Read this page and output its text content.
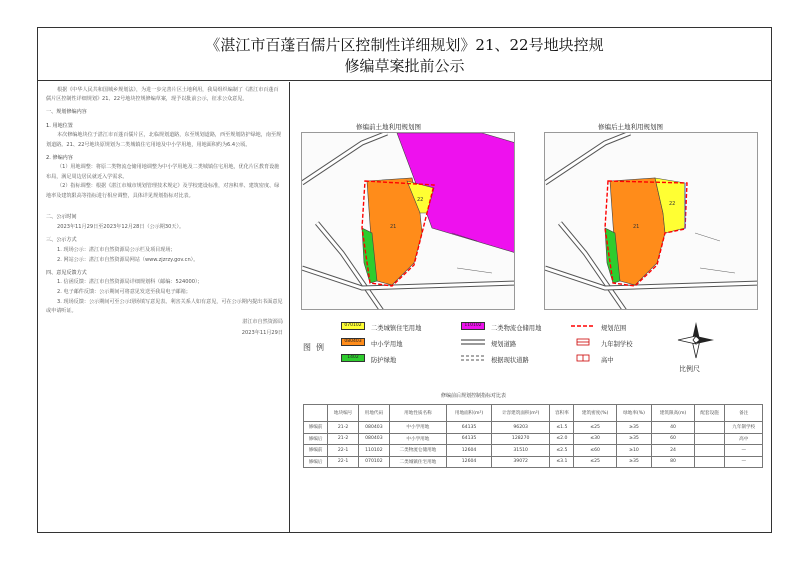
《湛江市百蓬百儒片区控制性详细规划》21、22号地块控规
修编草案批前公示

根据《中华人民共和国城乡规划法》，为进一步完善片区土地利用，我局组织编制了《湛江市百蓬百儒片区控制性详细规划》21、22号地块控规修编草案，现予以批前公示，征求公众意见。

一、规划修编内容

1. 用地位置

本次修编地块位于湛江市百蓬百儒片区，北临规划道路，东至规划道路，西至规划防护绿地，南至规划道路。21、22号地块原规划为二类城镇住宅用地及中小学用地，用地面积约为6.4公顷。

2. 修编内容

（1）用地调整：将原二类物流仓储用地调整为中小学用地及二类城镇住宅用地，优化片区教育设施布局，满足周边居民就近入学需求。

（2）指标调整：根据《湛江市城市规划管理技术规定》及学校建设标准，对容积率、建筑密度、绿地率及建筑限高等指标进行相应调整，具体详见规划指标对比表。

二、公示时间

2023年11月29日至2023年12月28日（公示期30天）。

三、公示方式

1. 现场公示：湛江市自然资源局公示栏及项目现场；

2. 网站公示：湛江市自然资源局网站（www.zjzrzy.gov.cn）。

四、意见反馈方式

1. 信函反馈：湛江市自然资源局详细规划科（邮编：524000）；

2. 电子邮件反馈：公示期间可将意见发送至我局电子邮箱；

3. 现场反馈：公示期间可至公示现场填写意见表。利害关系人如有意见，可在公示期内提出书面意见或申请听证。

湛江市自然资源局

2023年11月29日

修编前土地利用规划图	修编后土地利用规划图
21
22
21
22
图例
070102	二类城镇住宅用地
080403	中小学用地
1402	防护绿地
110102	二类物流仓储用地
规划道路
根据现状道路
规划范围
九年制学校
高中
比例尺
修编前后规划控制指标对比表
	地块编号	用地代码	用地性质名称	用地面积(m²)	计容建筑面积(m²)	容积率	建筑密度(%)	绿地率(%)	建筑限高(m)	配套设施	备注
修编前	21-2	080403	中小学用地	64135	96203	≤1.5	≤25	≥35	40		九年制学校
修编后	21-2	080403	中小学用地	64135	128270	≤2.0	≤30	≥35	60		高中
修编前	22-1	110102	二类物流仓储用地	12604	31510	≤2.5	≤60	≥10	24		—
修编后	22-1	070102	二类城镇住宅用地	12604	39072	≤3.1	≤25	≥35	80		—
